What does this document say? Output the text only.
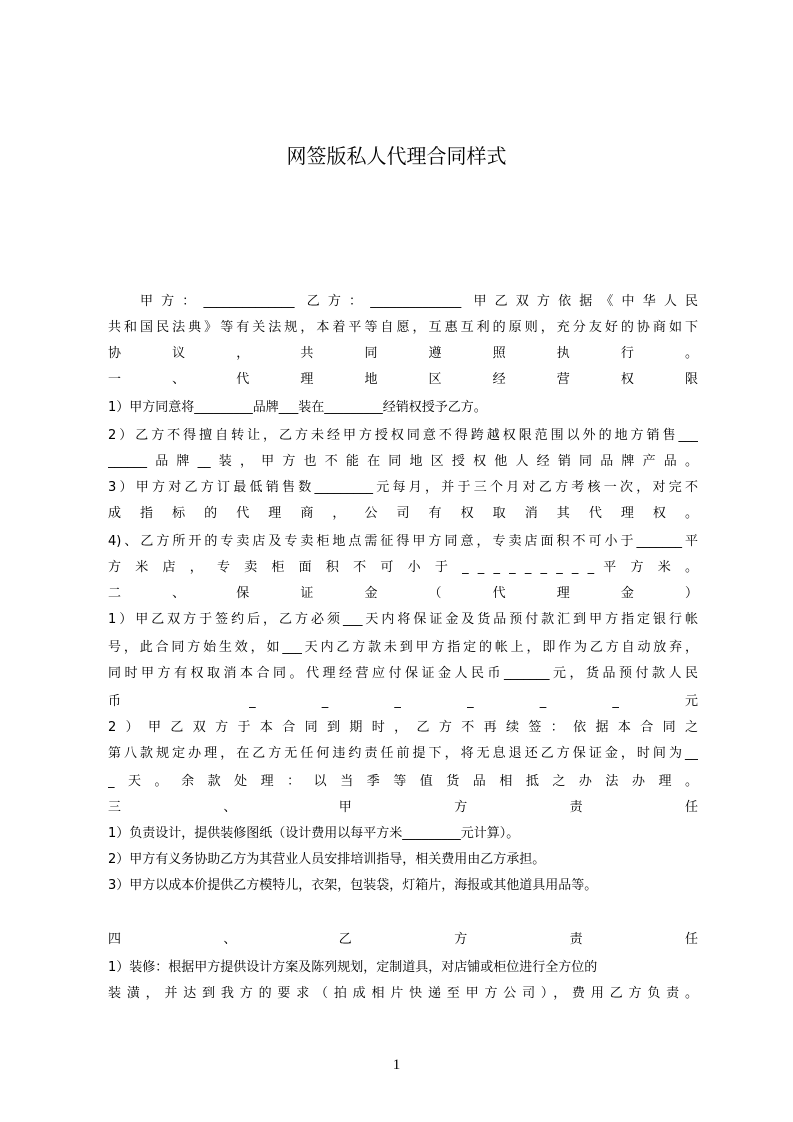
网签版私人代理合同样式
甲方：______________ 乙方：______________ 甲乙双方依据《中华人民
共和国民法典》等有关法规，本着平等自愿，互惠互利的原则，充分友好的协商如下
协 议 ， 共 同 遵 照 执 行 。
一 、 代 理 地 区 经 营 权 限
1）甲方同意将_________品牌___装在_________经销权授予乙方。
2）乙方不得擅自转让，乙方未经甲方授权同意不得跨越权限范围以外的地方销售___
______品牌__装，甲方也不能在同地区授权他人经销同品牌产品。
3）甲方对乙方订最低销售数_________元每月，并于三个月对乙方考核一次，对完不
成 指 标 的 代 理 商 ， 公 司 有 权 取 消 其 代 理 权 。
4)、乙方所开的专卖店及专卖柜地点需征得甲方同意，专卖店面积不可小于_______平
方 米 店 ， 专 卖 柜 面 积 不 可 小 于 _ _ _ _ _ _ _ _ _ 平 方 米 。
二 、 保 证 金 （ 代 理 金 ）
1）甲乙双方于签约后，乙方必须___天内将保证金及货品预付款汇到甲方指定银行帐
号，此合同方始生效，如___天内乙方款未到甲方指定的帐上，即作为乙方自动放弃，
同时甲方有权取消本合同。代理经营应付保证金人民币_______元，货品预付款人民
币 _ _ _ _ _ _ 元
2）甲乙双方于本合同到期时，乙方不再续签：依据本合同之
第八款规定办理，在乙方无任何违约责任前提下，将无息退还乙方保证金，时间为__
_天。余款处理：以当季等值货品相抵之办法办理。
三 、 甲 方 责 任
1）负责设计，提供装修图纸（设计费用以每平方米_________元计算）。
2）甲方有义务协助乙方为其营业人员安排培训指导，相关费用由乙方承担。
3）甲方以成本价提供乙方模特儿，衣架，包装袋，灯箱片，海报或其他道具用品等。
四 、 乙 方 责 任
1）装修：根据甲方提供设计方案及陈列规划，定制道具，对店铺或柜位进行全方位的
装潢，并达到我方的要求（拍成相片快递至甲方公司），费用乙方负责。
1
